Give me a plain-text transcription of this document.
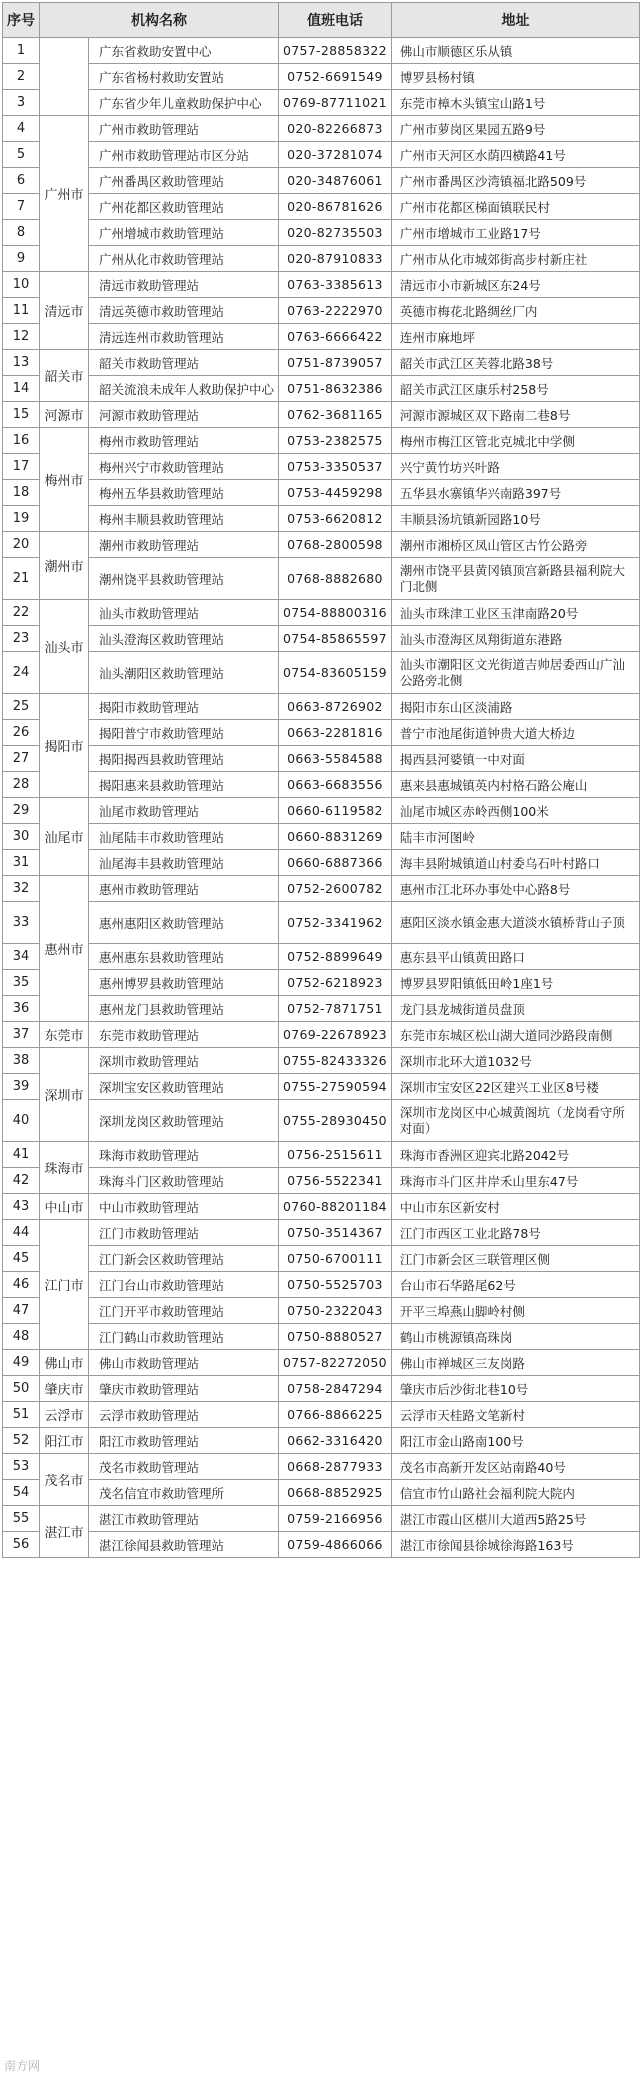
序号	机构名称		值班电话	地址
1		广东省救助安置中心	0757-28858322	佛山市顺德区乐从镇
2		广东省杨村救助安置站	0752-6691549	博罗县杨村镇
3		广东省少年儿童救助保护中心	0769-87711021	东莞市樟木头镇宝山路1号
4	广州市	广州市救助管理站	020-82266873	广州市萝岗区果园五路9号
5		广州市救助管理站市区分站	020-37281074	广州市天河区水荫四横路41号
6		广州番禺区救助管理站	020-34876061	广州市番禺区沙湾镇福北路509号
7		广州花都区救助管理站	020-86781626	广州市花都区梯面镇联民村
8		广州增城市救助管理站	020-82735503	广州市增城市工业路17号
9		广州从化市救助管理站	020-87910833	广州市从化市城郊街高步村新庄社
10	清远市	清远市救助管理站	0763-3385613	清远市小市新城区东24号
11		清远英德市救助管理站	0763-2222970	英德市梅花北路绸丝厂内
12		清远连州市救助管理站	0763-6666422	连州市麻地坪
13	韶关市	韶关市救助管理站	0751-8739057	韶关市武江区芙蓉北路38号
14		韶关流浪未成年人救助保护中心	0751-8632386	韶关市武江区康乐村258号
15	河源市	河源市救助管理站	0762-3681165	河源市源城区双下路南二巷8号
16	梅州市	梅州市救助管理站	0753-2382575	梅州市梅江区管北克城北中学侧
17		梅州兴宁市救助管理站	0753-3350537	兴宁黄竹坊兴叶路
18		梅州五华县救助管理站	0753-4459298	五华县水寨镇华兴南路397号
19		梅州丰顺县救助管理站	0753-6620812	丰顺县汤坑镇新园路10号
20	潮州市	潮州市救助管理站	0768-2800598	潮州市湘桥区凤山管区古竹公路旁
21		潮州饶平县救助管理站	0768-8882680	潮州市饶平县黄冈镇顶宫新路县福利院大门北侧
22	汕头市	汕头市救助管理站	0754-88800316	汕头市珠津工业区玉津南路20号
23		汕头澄海区救助管理站	0754-85865597	汕头市澄海区凤翔街道东港路
24		汕头潮阳区救助管理站	0754-83605159	汕头市潮阳区文光街道吉帅居委西山广汕公路旁北侧
25	揭阳市	揭阳市救助管理站	0663-8726902	揭阳市东山区淡浦路
26		揭阳普宁市救助管理站	0663-2281816	普宁市池尾街道钟贵大道大桥边
27		揭阳揭西县救助管理站	0663-5584588	揭西县河婆镇一中对面
28		揭阳惠来县救助管理站	0663-6683556	惠来县惠城镇英内村格石路公庵山
29	汕尾市	汕尾市救助管理站	0660-6119582	汕尾市城区赤岭西侧100米
30		汕尾陆丰市救助管理站	0660-8831269	陆丰市河图岭
31		汕尾海丰县救助管理站	0660-6887366	海丰县附城镇道山村委乌石叶村路口
32	惠州市	惠州市救助管理站	0752-2600782	惠州市江北环办事处中心路8号
33		惠州惠阳区救助管理站	0752-3341962	惠阳区淡水镇金惠大道淡水镇桥背山子顶
34		惠州惠东县救助管理站	0752-8899649	惠东县平山镇黄田路口
35		惠州博罗县救助管理站	0752-6218923	博罗县罗阳镇低田岭1座1号
36		惠州龙门县救助管理站	0752-7871751	龙门县龙城街道员盘顶
37	东莞市	东莞市救助管理站	0769-22678923	东莞市东城区松山湖大道同沙路段南侧
38	深圳市	深圳市救助管理站	0755-82433326	深圳市北环大道1032号
39		深圳宝安区救助管理站	0755-27590594	深圳市宝安区22区建兴工业区8号楼
40		深圳龙岗区救助管理站	0755-28930450	深圳市龙岗区中心城黄阁坑（龙岗看守所对面）
41	珠海市	珠海市救助管理站	0756-2515611	珠海市香洲区迎宾北路2042号
42		珠海斗门区救助管理站	0756-5522341	珠海市斗门区井岸禾山里东47号
43	中山市	中山市救助管理站	0760-88201184	中山市东区新安村
44	江门市	江门市救助管理站	0750-3514367	江门市西区工业北路78号
45		江门新会区救助管理站	0750-6700111	江门市新会区三联管理区侧
46		江门台山市救助管理站	0750-5525703	台山市石华路尾62号
47		江门开平市救助管理站	0750-2322043	开平三埠燕山脚岭村侧
48		江门鹤山市救助管理站	0750-8880527	鹤山市桃源镇高珠岗
49	佛山市	佛山市救助管理站	0757-82272050	佛山市禅城区三友岗路
50	肇庆市	肇庆市救助管理站	0758-2847294	肇庆市后沙街北巷10号
51	云浮市	云浮市救助管理站	0766-8866225	云浮市天桂路文笔新村
52	阳江市	阳江市救助管理站	0662-3316420	阳江市金山路南100号
53	茂名市	茂名市救助管理站	0668-2877933	茂名市高新开发区站南路40号
54		茂名信宜市救助管理所	0668-8852925	信宜市竹山路社会福利院大院内
55	湛江市	湛江市救助管理站	0759-2166956	湛江市霞山区椹川大道西5路25号
56		湛江徐闻县救助管理站	0759-4866066	湛江市徐闻县徐城徐海路163号
南方网
